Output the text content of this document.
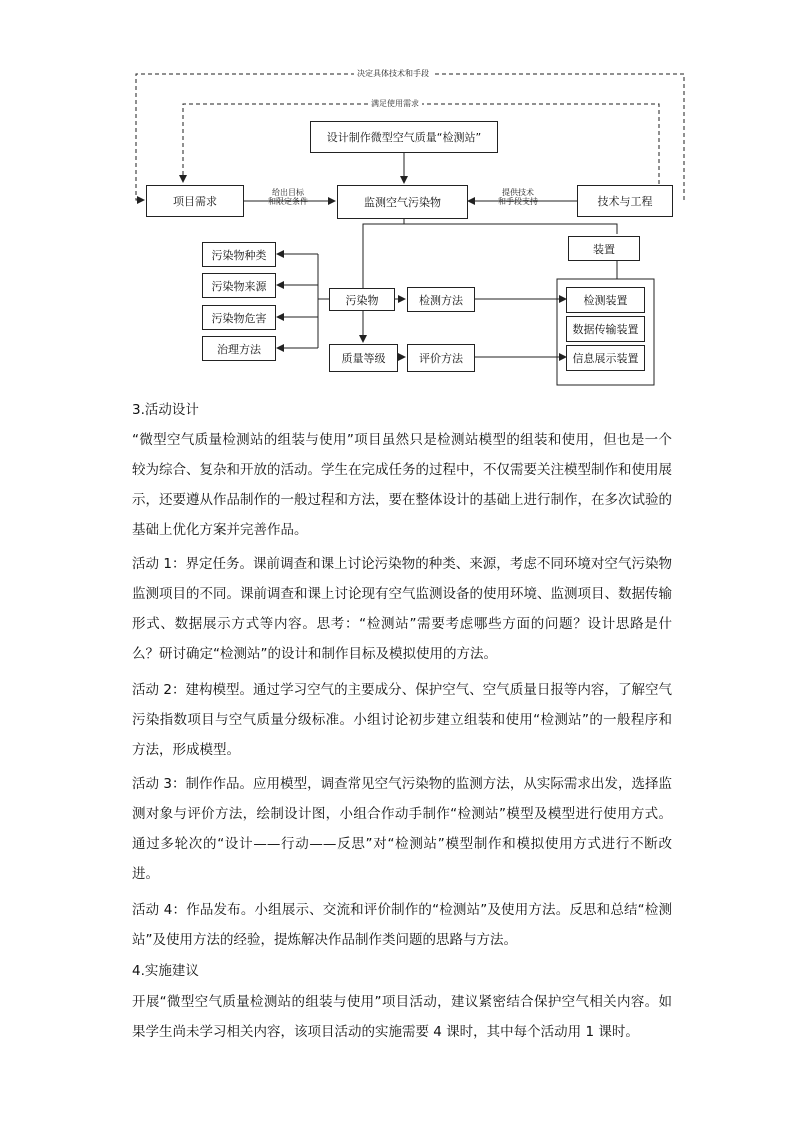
决定具体技术和手段
满足使用需求
设计制作微型空气质量“检测站”
项目需求	监测空气污染物	技术与工程
给出目标
和限定条件
提供技术
和手段支持
污染物种类
污染物来源
污染物危害
治理方法
污染物
质量等级
检测方法
评价方法
装置
检测装置
数据传输装置
信息展示装置

3.活动设计

“微型空气质量检测站的组装与使用”项目虽然只是检测站模型的组装和使用，但也是一个较为综合、复杂和开放的活动。学生在完成任务的过程中，不仅需要关注模型制作和使用展示，还要遵从作品制作的一般过程和方法，要在整体设计的基础上进行制作，在多次试验的基础上优化方案并完善作品。

活动 1：界定任务。课前调查和课上讨论污染物的种类、来源，考虑不同环境对空气污染物监测项目的不同。课前调查和课上讨论现有空气监测设备的使用环境、监测项目、数据传输形式、数据展示方式等内容。思考：“检测站”需要考虑哪些方面的问题？设计思路是什么？研讨确定“检测站”的设计和制作目标及模拟使用的方法。

活动 2：建构模型。通过学习空气的主要成分、保护空气、空气质量日报等内容，了解空气污染指数项目与空气质量分级标准。小组讨论初步建立组装和使用“检测站”的一般程序和方法，形成模型。

活动 3：制作作品。应用模型，调查常见空气污染物的监测方法，从实际需求出发，选择监测对象与评价方法，绘制设计图，小组合作动手制作“检测站”模型及模型进行使用方式。通过多轮次的“设计——行动——反思”对“检测站”模型制作和模拟使用方式进行不断改进。

活动 4：作品发布。小组展示、交流和评价制作的“检测站”及使用方法。反思和总结“检测站”及使用方法的经验，提炼解决作品制作类问题的思路与方法。

4.实施建议

开展“微型空气质量检测站的组装与使用”项目活动，建议紧密结合保护空气相关内容。如果学生尚未学习相关内容，该项目活动的实施需要 4 课时，其中每个活动用 1 课时。
